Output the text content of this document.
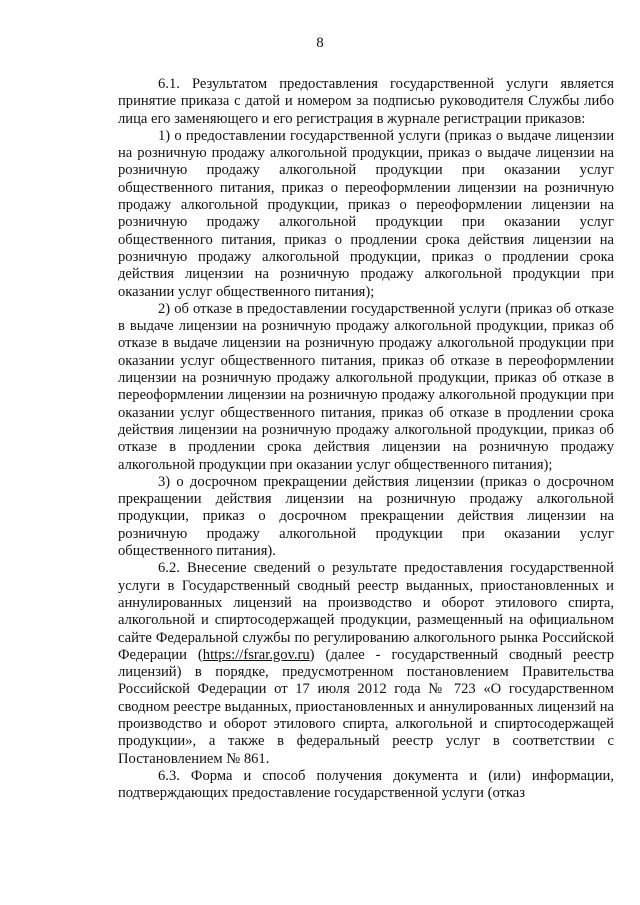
8

6.1. Результатом предоставления государственной услуги является принятие приказа с датой и номером за подписью руководителя Службы либо лица его заменяющего и его регистрация в журнале регистрации приказов:

1) о предоставлении государственной услуги (приказ о выдаче лицензии на розничную продажу алкогольной продукции, приказ о выдаче лицензии на розничную продажу алкогольной продукции при оказании услуг общественного питания, приказ о переоформлении лицензии на розничную продажу алкогольной продукции, приказ о переоформлении лицензии на розничную продажу алкогольной продукции при оказании услуг общественного питания, приказ о продлении срока действия лицензии на розничную продажу алкогольной продукции, приказ о продлении срока действия лицензии на розничную продажу алкогольной продукции при оказании услуг общественного питания);

2) об отказе в предоставлении государственной услуги (приказ об отказе в выдаче лицензии на розничную продажу алкогольной продукции, приказ об отказе в выдаче лицензии на розничную продажу алкогольной продукции при оказании услуг общественного питания, приказ об отказе в переоформлении лицензии на розничную продажу алкогольной продукции, приказ об отказе в переоформлении лицензии на розничную продажу алкогольной продукции при оказании услуг общественного питания, приказ об отказе в продлении срока действия лицензии на розничную продажу алкогольной продукции, приказ об отказе в продлении срока действия лицензии на розничную продажу алкогольной продукции при оказании услуг общественного питания);

3) о досрочном прекращении действия лицензии (приказ о досрочном прекращении действия лицензии на розничную продажу алкогольной продукции, приказ о досрочном прекращении действия лицензии на розничную продажу алкогольной продукции при оказании услуг общественного питания).

6.2. Внесение сведений о результате предоставления государственной услуги в Государственный сводный реестр выданных, приостановленных и аннулированных лицензий на производство и оборот этилового спирта, алкогольной и спиртосодержащей продукции, размещенный на официальном сайте Федеральной службы по регулированию алкогольного рынка Российской Федерации (https://fsrar.gov.ru) (далее - государственный сводный реестр лицензий) в порядке, предусмотренном постановлением Правительства Российской Федерации от 17 июля 2012 года № 723 «О государственном сводном реестре выданных, приостановленных и аннулированных лицензий на производство и оборот этилового спирта, алкогольной и спиртосодержащей продукции», а также в федеральный реестр услуг в соответствии с Постановлением № 861.

6.3. Форма и способ получения документа и (или) информации, подтверждающих предоставление государственной услуги (отказ
